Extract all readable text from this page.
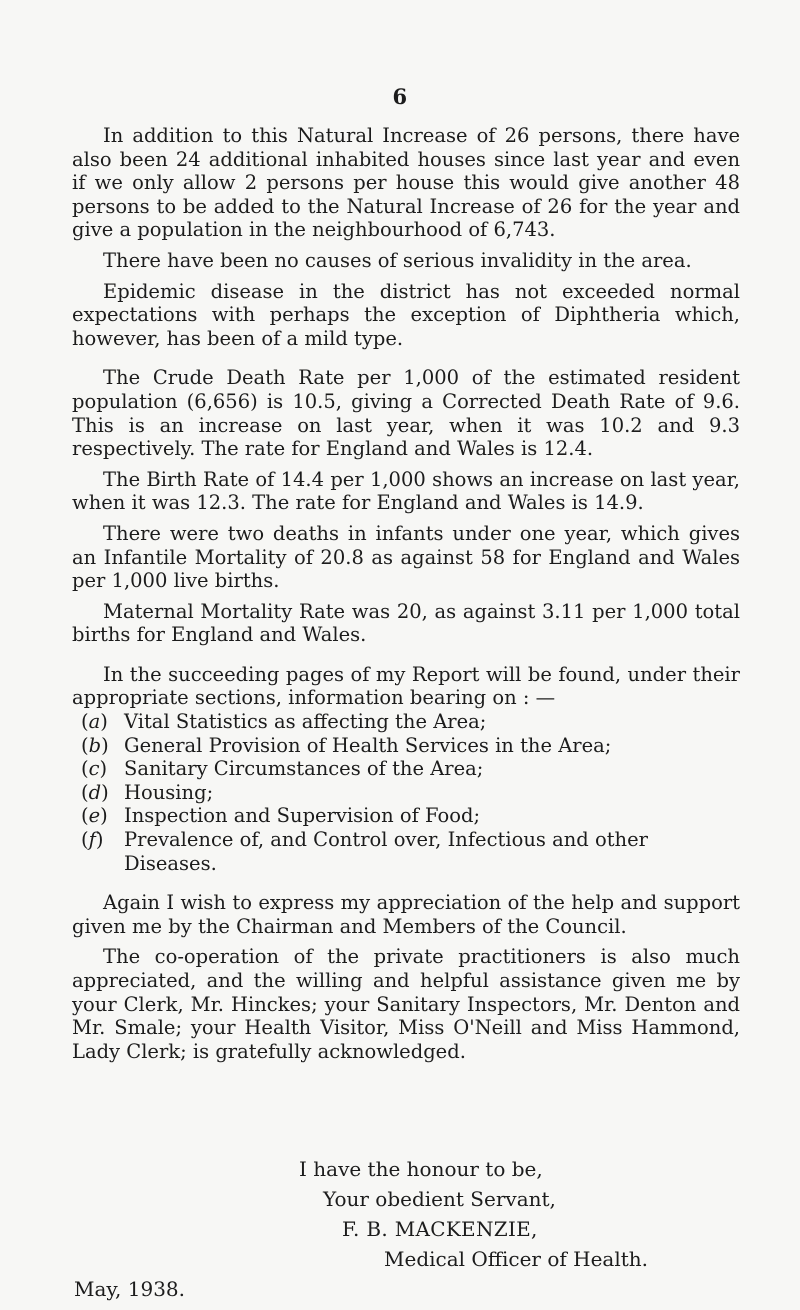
6

In addition to this Natural Increase of 26 persons, there have also been 24 additional inhabited houses since last year and even if we only allow 2 persons per house this would give another 48 persons to be added to the Natural Increase of 26 for the year and give a population in the neighbourhood of 6,743.

There have been no causes of serious invalidity in the area.

Epidemic disease in the district has not exceeded normal expectations with perhaps the exception of Diphtheria which, however, has been of a mild type.

The Crude Death Rate per 1,000 of the estimated resident population (6,656) is 10.5, giving a Corrected Death Rate of 9.6. This is an increase on last year, when it was 10.2 and 9.3 respectively. The rate for England and Wales is 12.4.

The Birth Rate of 14.4 per 1,000 shows an increase on last year, when it was 12.3. The rate for England and Wales is 14.9.

There were two deaths in infants under one year, which gives an Infantile Mortality of 20.8 as against 58 for England and Wales per 1,000 live births.

Maternal Mortality Rate was 20, as against 3.11 per 1,000 total births for England and Wales.

In the succeeding pages of my Report will be found, under their appropriate sections, information bearing on : —

(a) Vital Statistics as affecting the Area;
(b) General Provision of Health Services in the Area;
(c) Sanitary Circumstances of the Area;
(d) Housing;
(e) Inspection and Supervision of Food;
(f)	Prevalence of, and Control over, Infectious and other Diseases.

Again I wish to express my appreciation of the help and support given me by the Chairman and Members of the Council.

The co-operation of the private practitioners is also much appreciated, and the willing and helpful assistance given me by your Clerk, Mr. Hinckes; your Sanitary Inspectors, Mr. Denton and Mr. Smale; your Health Visitor, Miss O'Neill and Miss Hammond, Lady Clerk; is gratefully acknowledged.

I have the honour to be,
Your obedient Servant,
F. B. MACKENZIE,
Medical Officer of Health.
May, 1938.
